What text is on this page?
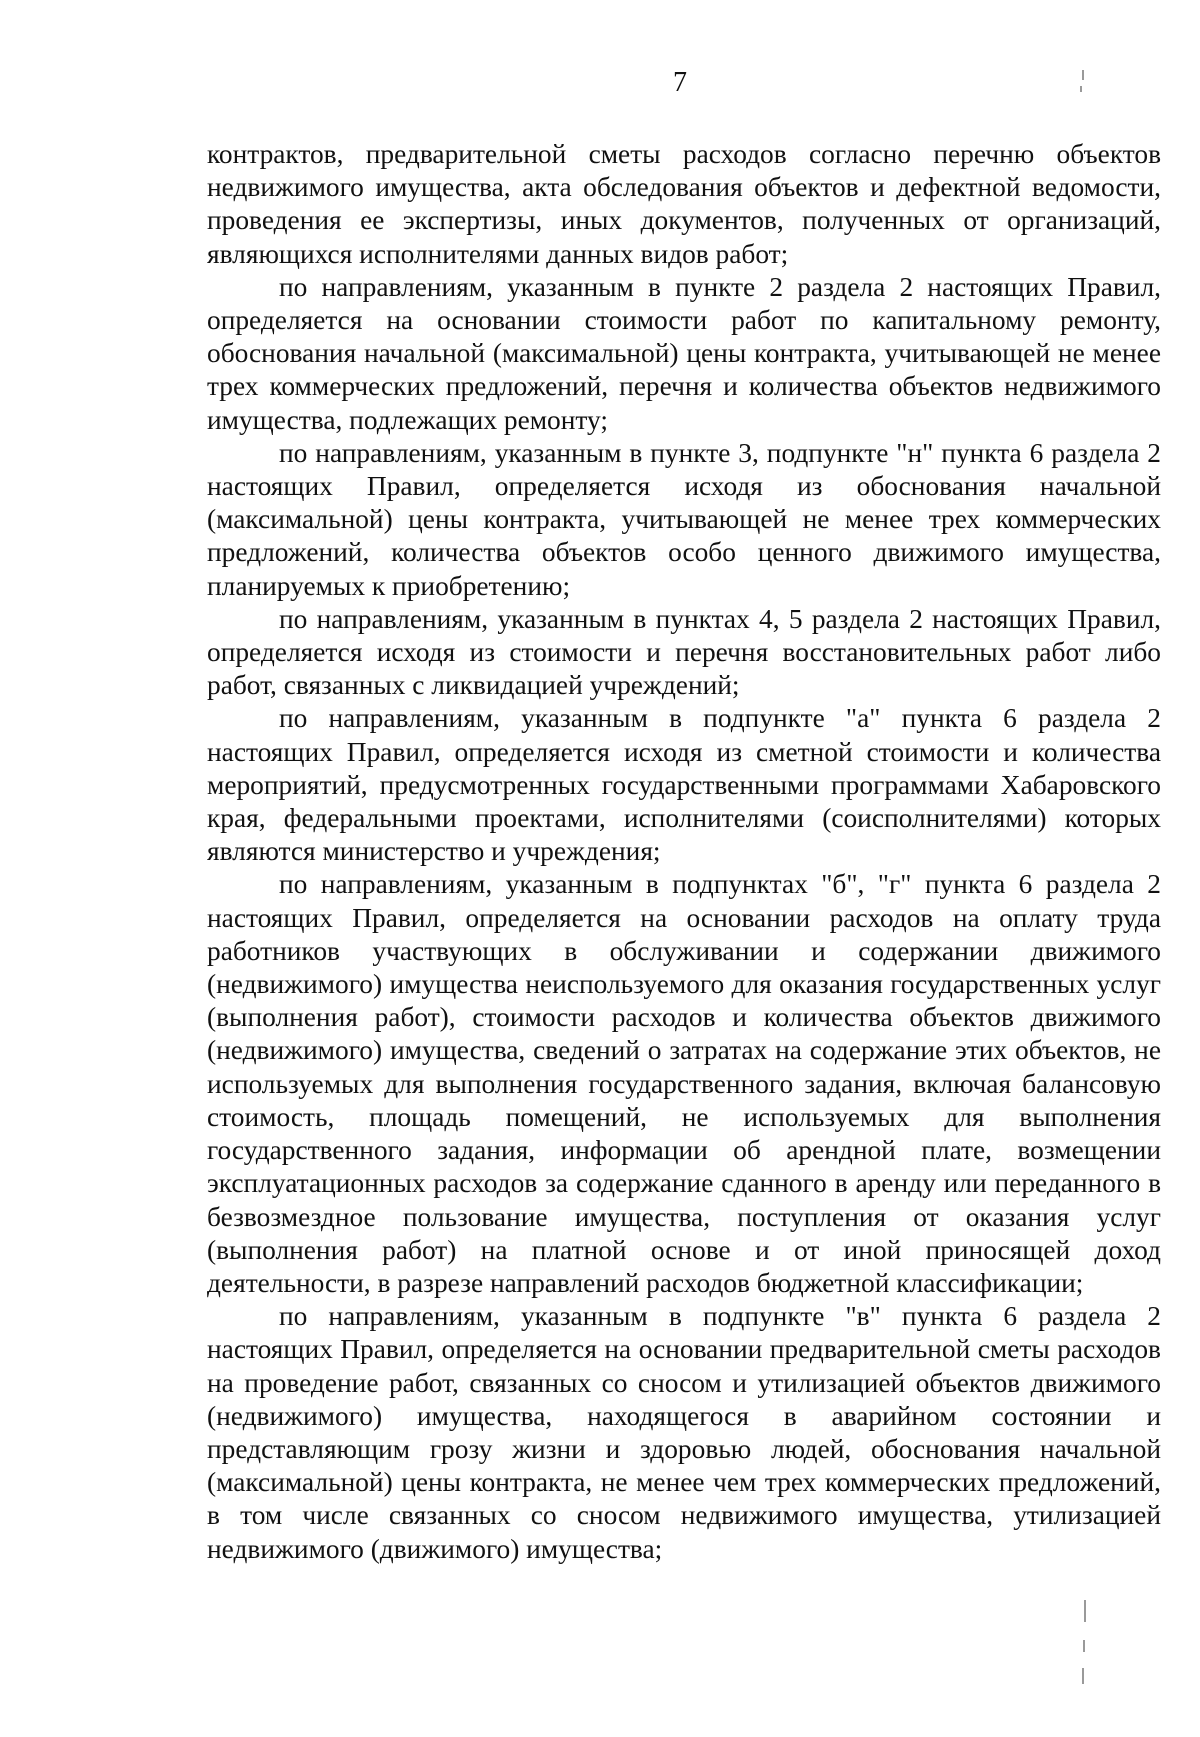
7

контрактов, предварительной сметы расходов согласно перечню объектов недвижимого имущества, акта обследования объектов и дефектной ведомости, проведения ее экспертизы, иных документов, полученных от организаций, являющихся исполнителями данных видов работ;

по направлениям, указанным в пункте 2 раздела 2 настоящих Правил, определяется на основании стоимости работ по капитальному ремонту, обоснования начальной (максимальной) цены контракта, учитывающей не менее трех коммерческих предложений, перечня и количества объектов недвижимого имущества, подлежащих ремонту;

по направлениям, указанным в пункте 3, подпункте "н" пункта 6 раздела 2 настоящих Правил, определяется исходя из обоснования начальной (максимальной) цены контракта, учитывающей не менее трех коммерческих предложений, количества объектов особо ценного движимого имущества, планируемых к приобретению;

по направлениям, указанным в пунктах 4, 5 раздела 2 настоящих Правил, определяется исходя из стоимости и перечня восстановительных работ либо работ, связанных с ликвидацией учреждений;

по направлениям, указанным в подпункте "а" пункта 6 раздела 2 настоящих Правил, определяется исходя из сметной стоимости и количества мероприятий, предусмотренных государственными программами Хабаровского края, федеральными проектами, исполнителями (соисполнителями) которых являются министерство и учреждения;

по направлениям, указанным в подпунктах "б", "г" пункта 6 раздела 2 настоящих Правил, определяется на основании расходов на оплату труда работников участвующих в обслуживании и содержании движимого (недвижимого) имущества неиспользуемого для оказания государственных услуг (выполнения работ), стоимости расходов и количества объектов движимого (недвижимого) имущества, сведений о затратах на содержание этих объектов, не используемых для выполнения государственного задания, включая балансовую стоимость, площадь помещений, не используемых для выполнения государственного задания, информации об арендной плате, возмещении эксплуатационных расходов за содержание сданного в аренду или переданного в безвозмездное пользование имущества, поступления от оказания услуг (выполнения работ) на платной основе и от иной приносящей доход деятельности, в разрезе направлений расходов бюджетной классификации;

по направлениям, указанным в подпункте "в" пункта 6 раздела 2 настоящих Правил, определяется на основании предварительной сметы расходов на проведение работ, связанных со сносом и утилизацией объектов движимого (недвижимого) имущества, находящегося в аварийном состоянии и представляющим грозу жизни и здоровью людей, обоснования начальной (максимальной) цены контракта, не менее чем трех коммерческих предложений, в том числе связанных со сносом недвижимого имущества, утилизацией недвижимого (движимого) имущества;
